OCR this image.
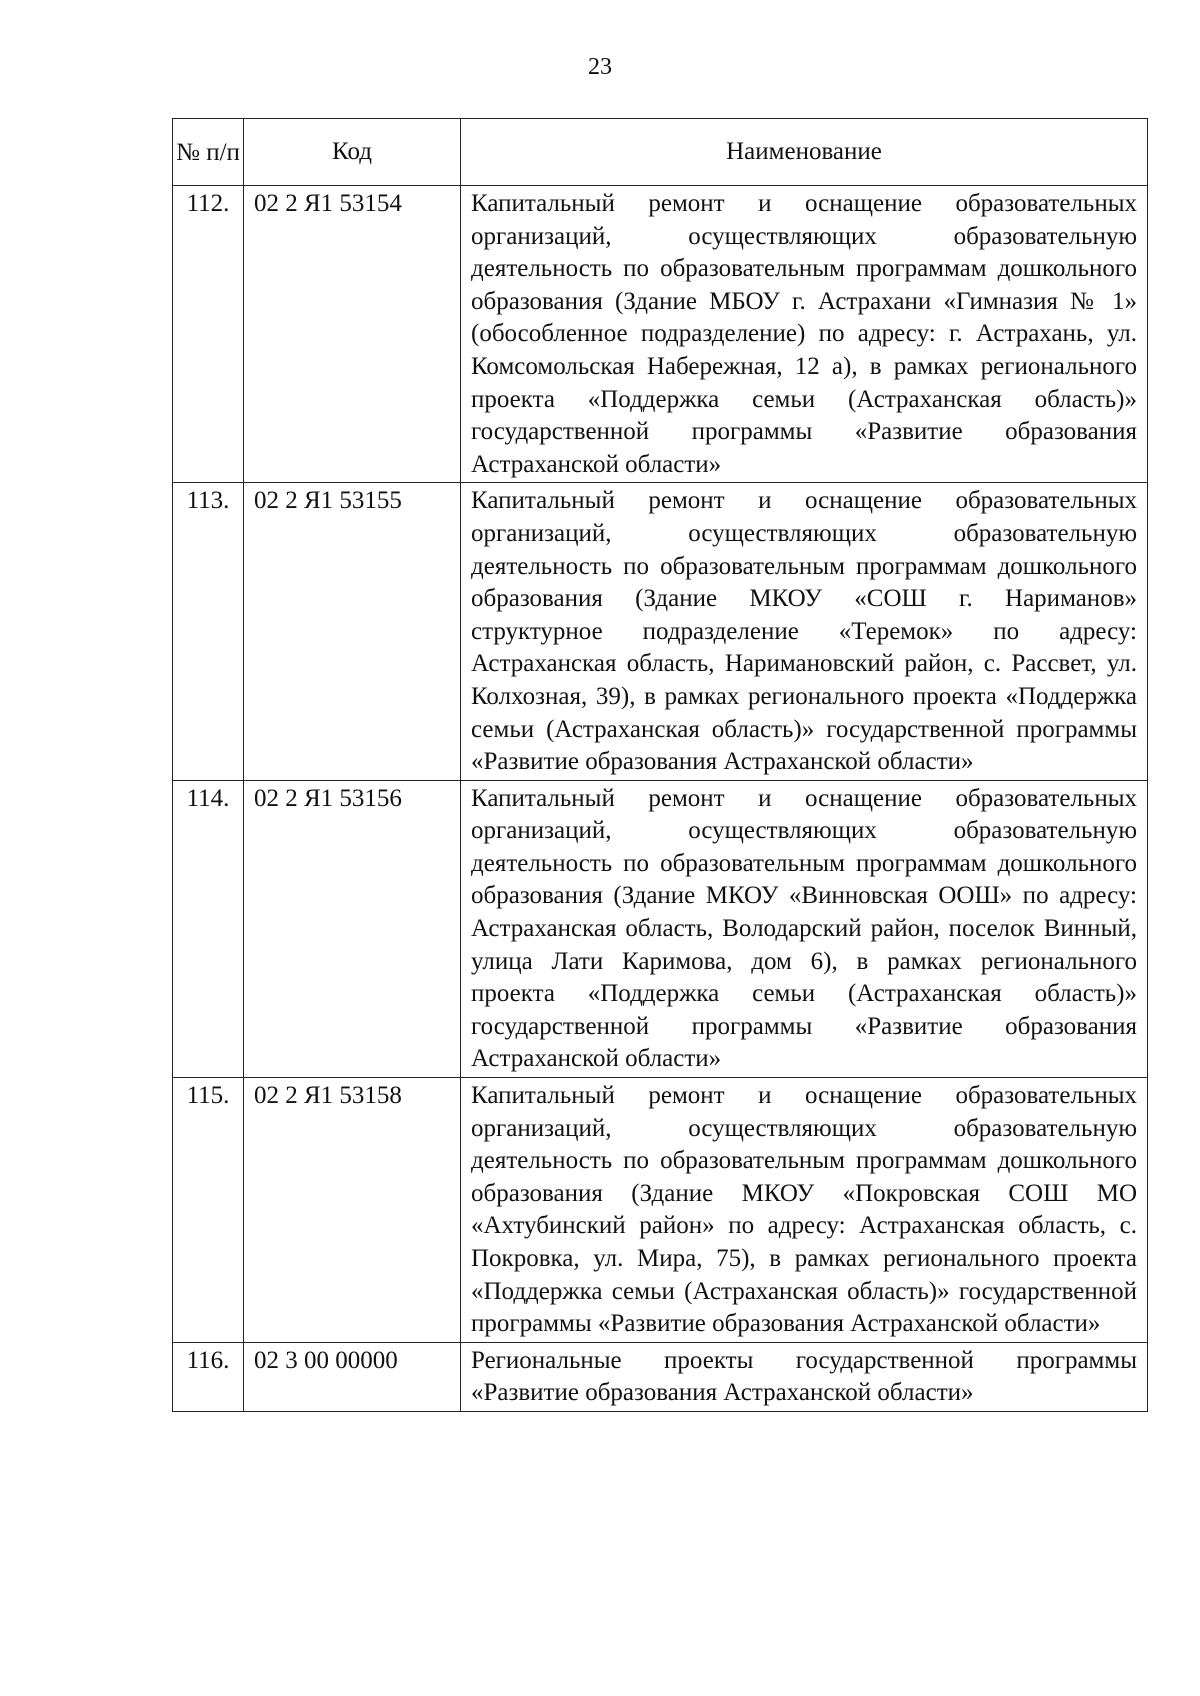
23
№ п/п	Код	Наименование
112.	02 2 Я1 53154	Капитальный ремонт и оснащение образовательных организаций, осуществляющих образовательную деятельность по образовательным программам дошкольного образования (Здание МБОУ г. Астрахани «Гимназия № 1» (обособленное подразделение) по адресу: г. Астрахань, ул. Комсомольская Набережная, 12 а), в рамках регионального проекта «Поддержка семьи (Астраханская область)» государственной программы «Развитие образования Астраханской области»
113.	02 2 Я1 53155	Капитальный ремонт и оснащение образовательных организаций, осуществляющих образовательную деятельность по образовательным программам дошкольного образования (Здание МКОУ «СОШ г. Нариманов» структурное подразделение «Теремок» по адресу: Астраханская область, Наримановский район, с. Рассвет, ул. Колхозная, 39), в рамках регионального проекта «Поддержка семьи (Астраханская область)» государственной программы «Развитие образования Астраханской области»
114.	02 2 Я1 53156	Капитальный ремонт и оснащение образовательных организаций, осуществляющих образовательную деятельность по образовательным программам дошкольного образования (Здание МКОУ «Винновская ООШ» по адресу: Астраханская область, Володарский район, поселок Винный, улица Лати Каримова, дом 6), в рамках регионального проекта «Поддержка семьи (Астраханская область)» государственной программы «Развитие образования Астраханской области»
115.	02 2 Я1 53158	Капитальный ремонт и оснащение образовательных организаций, осуществляющих образовательную деятельность по образовательным программам дошкольного образования (Здание МКОУ «Покровская СОШ МО «Ахтубинский район» по адресу: Астраханская область, с. Покровка, ул. Мира, 75), в рамках регионального проекта «Поддержка семьи (Астраханская область)» государственной программы «Развитие образования Астраханской области»
116.	02 3 00 00000	Региональные проекты государственной программы «Развитие образования Астраханской области»
